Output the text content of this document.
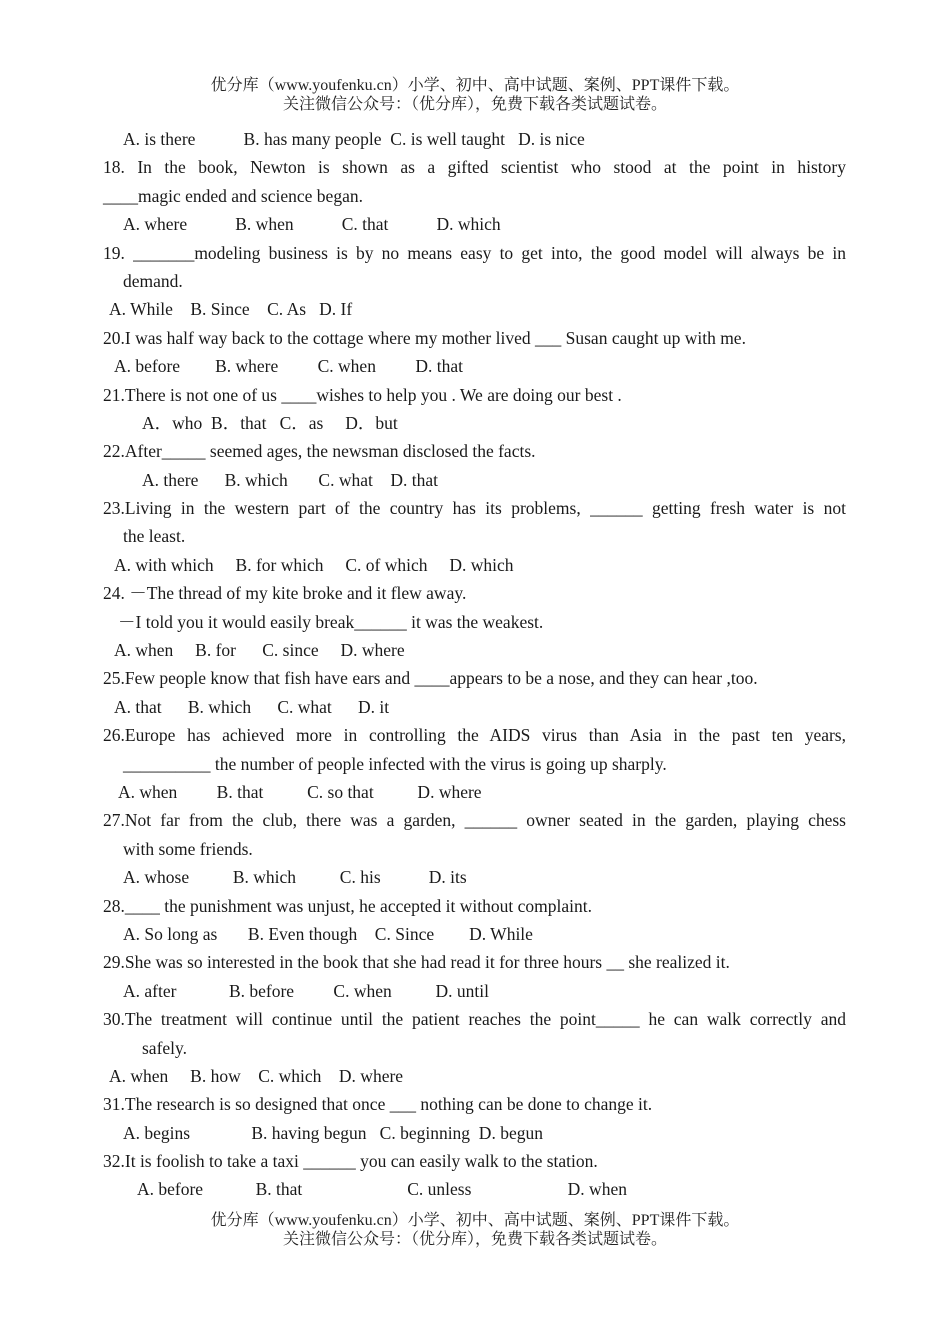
优分库（www.youfenku.cn）小学、初中、高中试题、案例、PPT课件下载。
关注微信公众号：（优分库），免费下载各类试题试卷。
A. is there           B. has many people  C. is well taught   D. is nice
18. In the book, Newton is shown as a gifted scientist who stood at the point in history
____magic ended and science began.
A. where           B. when           C. that           D. which
19. _______modeling business is by no means easy to get into, the good model will always be in
demand.
A. While    B. Since    C. As   D. If
20.I was half way back to the cottage where my mother lived ___ Susan caught up with me.
A. before        B. where         C. when         D. that
21.There is not one of us ____wishes to help you . We are doing our best .
A．who  B．that   C．as     D．but
22.After_____ seemed ages, the newsman disclosed the facts.
A. there      B. which       C. what    D. that
23.Living in the western part of the country has its problems, ______ getting fresh water is not
the least.
A. with which     B. for which     C. of which     D. which
24. －The thread of my kite broke and it flew away.
－I told you it would easily break______ it was the weakest.
A. when     B. for      C. since     D. where
25.Few people know that fish have ears and ____appears to be a nose, and they can hear ,too.
A. that      B. which      C. what      D. it
26.Europe has achieved more in controlling the AIDS virus than Asia in the past ten years,
__________ the number of people infected with the virus is going up sharply.
A. when         B. that          C. so that          D. where
27.Not far from the club, there was a garden, ______ owner seated in the garden, playing chess
with some friends.
A. whose          B. which          C. his           D. its
28.____ the punishment was unjust, he accepted it without complaint.
A. So long as       B. Even though    C. Since        D. While
29.She was so interested in the book that she had read it for three hours __ she realized it.
A. after            B. before         C. when          D. until
30.The treatment will continue until the patient reaches the point_____ he can walk correctly and
safely.
A. when     B. how    C. which    D. where
31.The research is so designed that once ___ nothing can be done to change it.
A. begins              B. having begun   C. beginning  D. begun
32.It is foolish to take a taxi ______ you can easily walk to the station.
A. before            B. that                        C. unless                      D. when
优分库（www.youfenku.cn）小学、初中、高中试题、案例、PPT课件下载。
关注微信公众号：（优分库），免费下载各类试题试卷。
